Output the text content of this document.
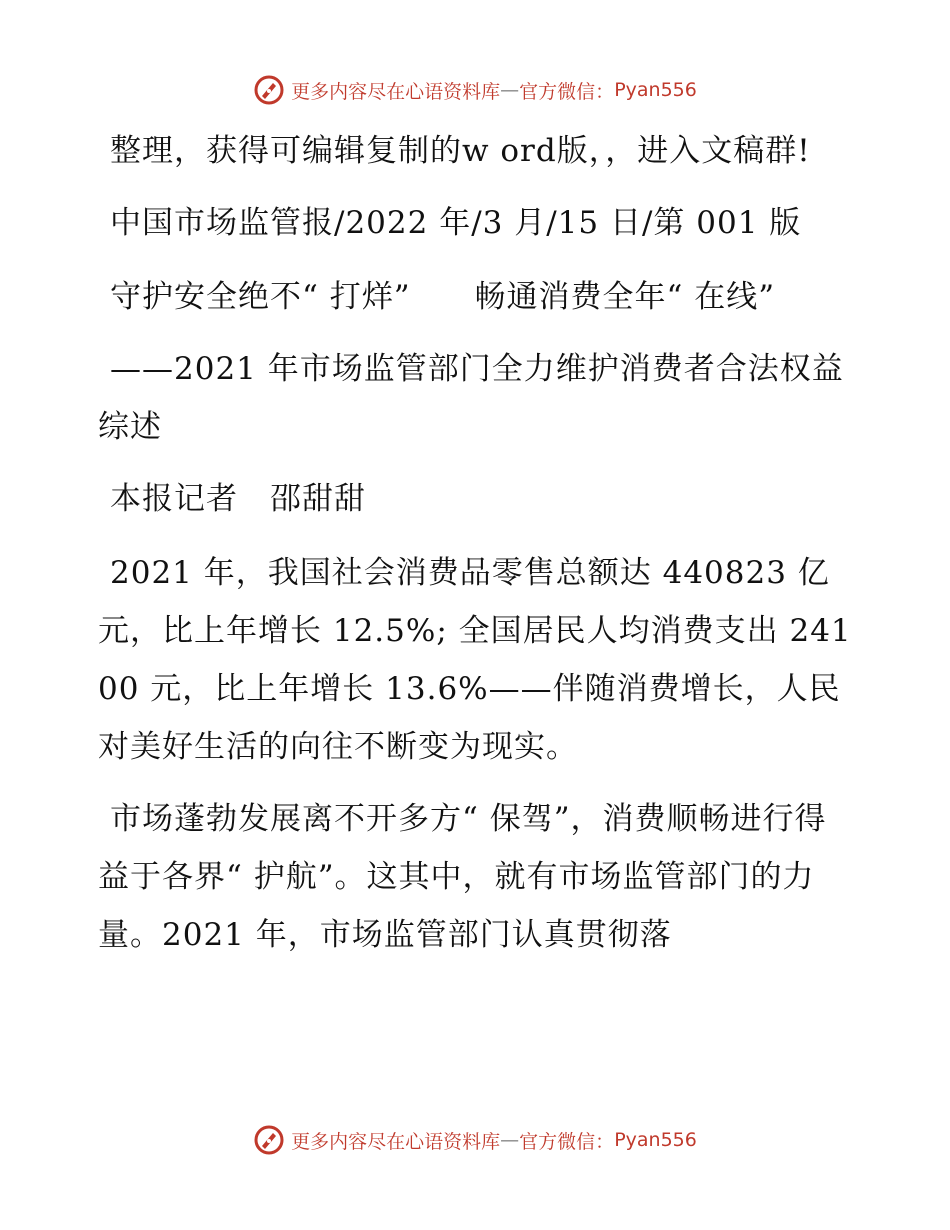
更多内容尽在心语资料库 — 官方微信： Pyan556

整理，获得可编辑复制的w ord版，，进入文稿群!

中国市场监管报/2022 年/3 月/15 日/第 001 版

守护安全绝不“ 打烊”　　畅通消费全年“ 在线”

——2021 年市场监管部门全力维护消费者合法权益综述

本报记者　邵甜甜

2021 年，我国社会消费品零售总额达 440823 亿元，比上年增长 12.5%; 全国居民人均消费支出 24100 元，比上年增长 13.6%——伴随消费增长，人民对美好生活的向往不断变为现实。

市场蓬勃发展离不开多方“ 保驾”，消费顺畅进行得益于各界“ 护航”。这其中，就有市场监管部门的力量。2021 年，市场监管部门认真贯彻落

更多内容尽在心语资料库 — 官方微信： Pyan556
